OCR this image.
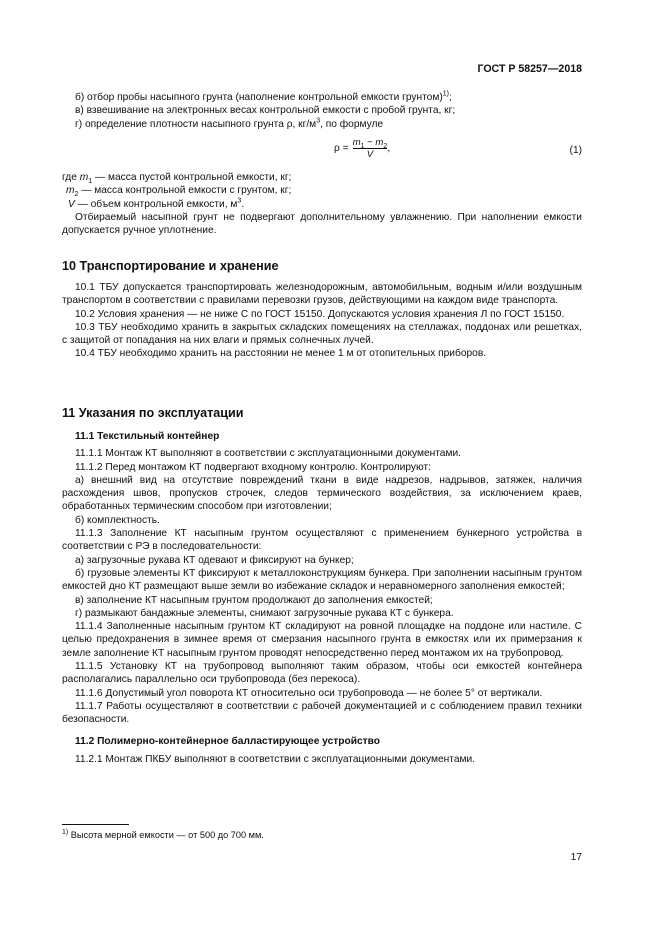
ГОСТ Р 58257—2018

б) отбор пробы насыпного грунта (наполнение контрольной емкости грунтом)$^{1)}$;

в) взвешивание на электронных весах контрольной емкости с пробой грунта, кг;

г) определение плотности насыпного грунта ρ, $кг/м^3$, по формуле

$\rho = \frac{m_1 - m_2}{V}$ ,	(1)

где $m_1$ — масса пустой контрольной емкости, кг;

$m_2$ — масса контрольной емкости с грунтом, кг;

V — объем контрольной емкости, $м^3$.

Отбираемый насыпной грунт не подвергают дополнительному увлажнению. При наполнении емкости допускается ручное уплотнение.

10 Транспортирование и хранение

10.1 ТБУ допускается транспортировать железнодорожным, автомобильным, водным и/или воздушным транспортом в соответствии с правилами перевозки грузов, действующими на каждом виде транспорта.

10.2 Условия хранения — не ниже С по ГОСТ 15150. Допускаются условия хранения Л по ГОСТ 15150.

10.3 ТБУ необходимо хранить в закрытых складских помещениях на стеллажах, поддонах или решетках, с защитой от попадания на них влаги и прямых солнечных лучей.

10.4 ТБУ необходимо хранить на расстоянии не менее 1 м от отопительных приборов.

11 Указания по эксплуатации
11.1 Текстильный контейнер

11.1.1 Монтаж КТ выполняют в соответствии с эксплуатационными документами.

11.1.2 Перед монтажом КТ подвергают входному контролю. Контролируют:

а) внешний вид на отсутствие повреждений ткани в виде надрезов, надрывов, затяжек, наличия расхождения швов, пропусков строчек, следов термического воздействия, за исключением краев, обработанных термическим способом при изготовлении;

б) комплектность.

11.1.3 Заполнение КТ насыпным грунтом осуществляют с применением бункерного устройства в соответствии с РЭ в последовательности:

а) загрузочные рукава КТ одевают и фиксируют на бункер;

б) грузовые элементы КТ фиксируют к металлоконструкциям бункера. При заполнении насыпным грунтом емкостей дно КТ размещают выше земли во избежание складок и неравномерного заполнения емкостей;

в) заполнение КТ насыпным грунтом продолжают до заполнения емкостей;

г) размыкают бандажные элементы, снимают загрузочные рукава КТ с бункера.

11.1.4 Заполненные насыпным грунтом КТ складируют на ровной площадке на поддоне или настиле. С целью предохранения в зимнее время от смерзания насыпного грунта в емкостях или их примерзания к земле заполнение КТ насыпным грунтом проводят непосредственно перед монтажом их на трубопровод.

11.1.5 Установку КТ на трубопровод выполняют таким образом, чтобы оси емкостей контейнера располагались параллельно оси трубопровода (без перекоса).

11.1.6 Допустимый угол поворота КТ относительно оси трубопровода — не более 5° от вертикали.

11.1.7 Работы осуществляют в соответствии с рабочей документацией и с соблюдением правил техники безопасности.

11.2 Полимерно-контейнерное балластирующее устройство

11.2.1 Монтаж ПКБУ выполняют в соответствии с эксплуатационными документами.

$^{1)}$ Высота мерной емкости — от 500 до 700 мм.
17
